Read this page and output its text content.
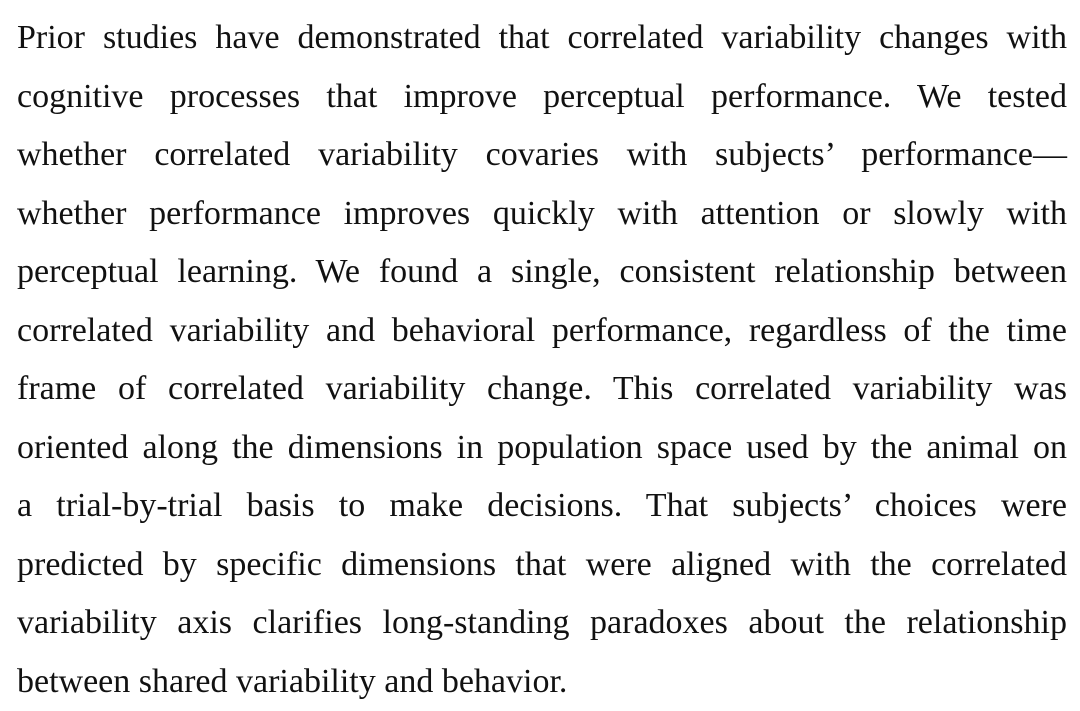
Prior studies have demonstrated that correlated variability changes with
cognitive processes that improve perceptual performance. We tested
whether correlated variability covaries with subjects’ performance—
whether performance improves quickly with attention or slowly with
perceptual learning. We found a single, consistent relationship between
correlated variability and behavioral performance, regardless of the time
frame of correlated variability change. This correlated variability was
oriented along the dimensions in population space used by the animal on
a trial-by-trial basis to make decisions. That subjects’ choices were
predicted by specific dimensions that were aligned with the correlated
variability axis clarifies long-standing paradoxes about the relationship
between shared variability and behavior.
